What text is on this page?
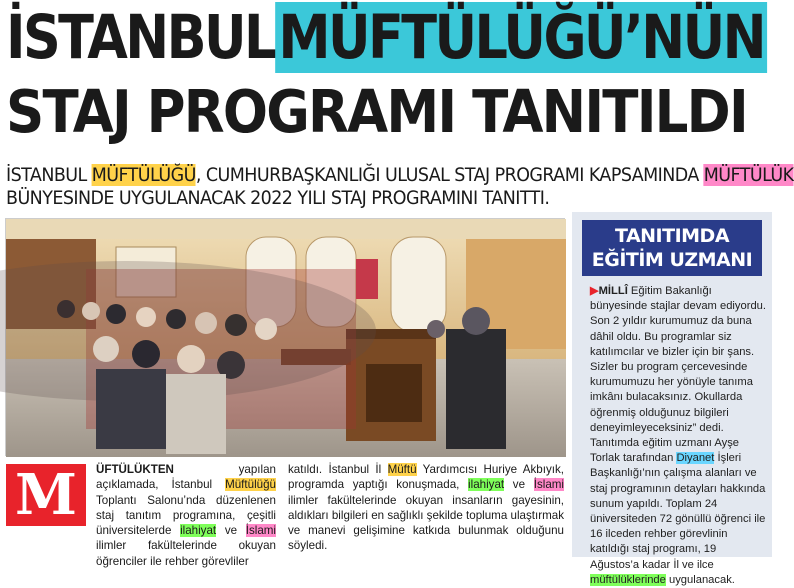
İSTANBUL MÜFTÜLÜĞÜ’NÜN
STAJ PROGRAMI TANITILDI
İSTANBUL MÜFTÜLÜĞÜ, CUMHURBAŞKANLIĞI ULUSAL STAJ PROGRAMI KAPSAMINDA MÜFTÜLÜK
BÜNYESINDE UYGULANACAK 2022 YILI STAJ PROGRAMINI TANITTI.
TANITIMDA EĞİTİM UZMANI
▶MİLLÎ Eğitim Bakanlığı bünyesinde stajlar devam ediyordu. Son 2 yıldır kurumumuz da buna dâhil oldu. Bu programlar siz katılımcılar ve bizler için bir şans. Sizler bu program çercevesinde kurumumuzu her yönüyle tanıma imkânı bulacaksınız. Okullarda öğrenmiş olduğunuz bilgileri deneyimleyeceksiniz” dedi. Tanıtımda eğitim uzmanı Ayşe Torlak tarafından Diyanet İşleri Başkanlığı’nın çalışma alanları ve staj programının detayları hakkında sunum yapıldı. Toplam 24 üniversiteden 72 gönüllü öğrenci ile 16 ilceden rehber görevlinin katıldığı staj programı, 19 Ağustos’a kadar İl ve ilce müftülüklerinde uygulanacak.
M	ÜFTÜLÜKTEN yapılan açıklamada, İstanbul Müftülüğü Toplantı Salonu’nda düzenlenen staj tanıtım programına, çeşitli üniversitelerde ilahiyat ve İslami ilimler fakültelerinde okuyan öğrenciler ile rehber görevliler
katıldı. İstanbul İl Müftü Yardımcısı Huriye Akbıyık, programda yaptığı konuşmada, ilahiyat ve İslami ilimler fakültelerinde okuyan insanların gayesinin, aldıkları bilgileri en sağlıklı şekilde topluma ulaştırmak ve manevi gelişimine katkıda bulunmak olduğunu söyledi.
